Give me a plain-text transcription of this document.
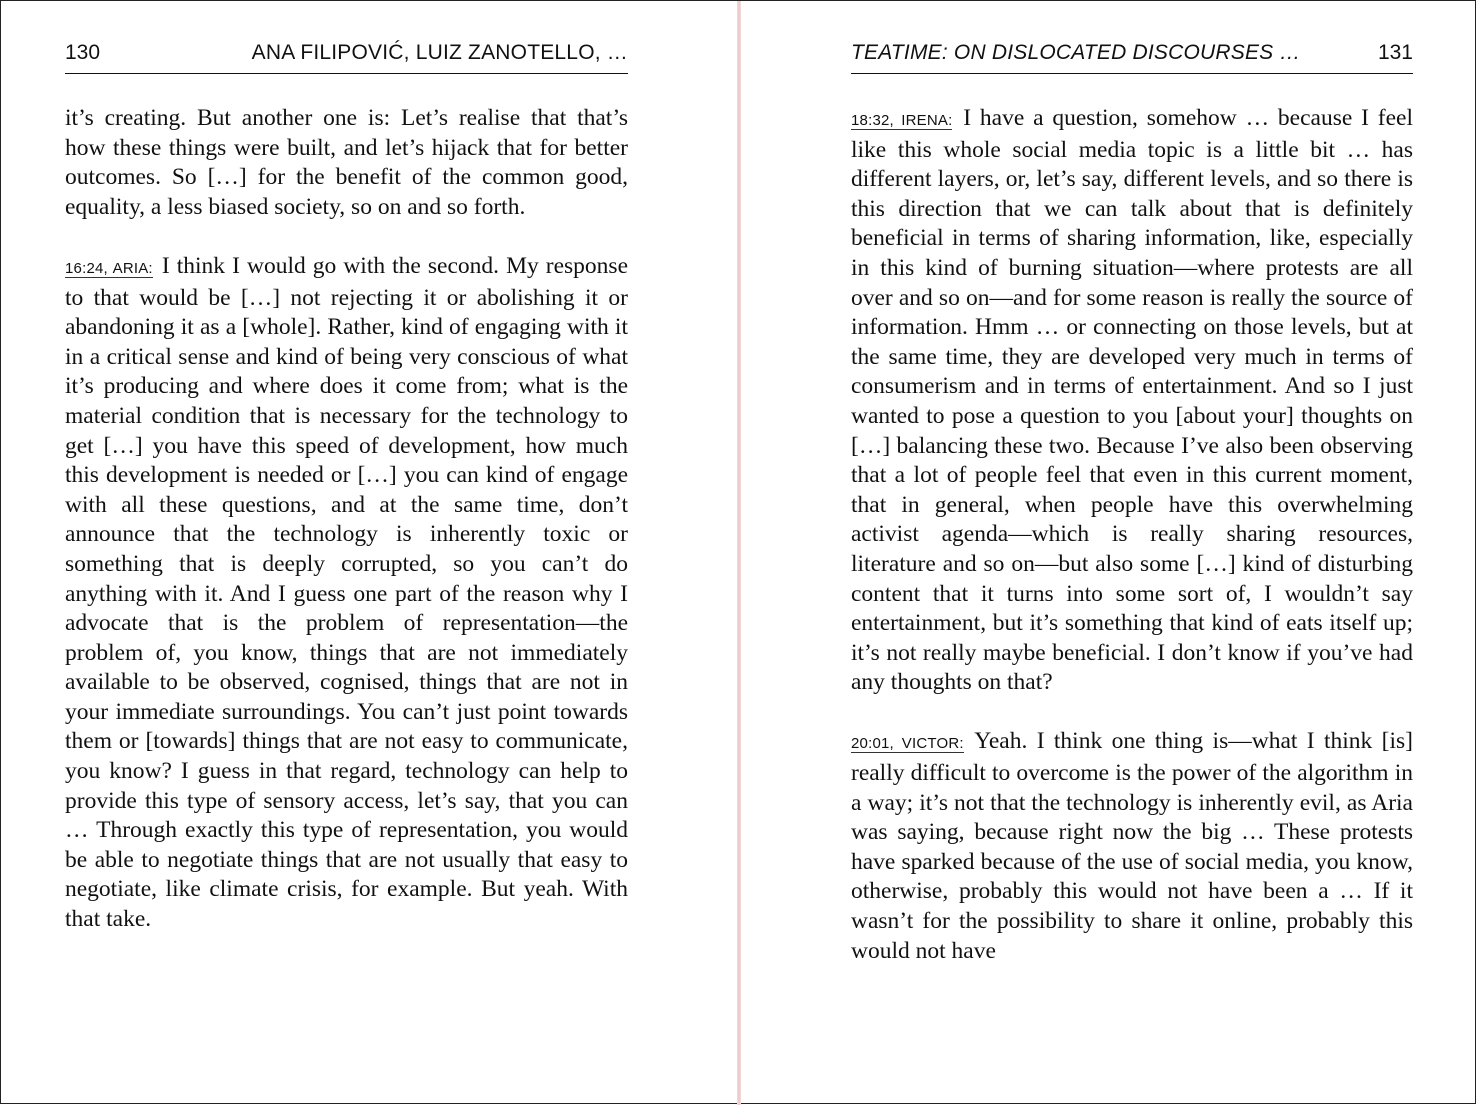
130	ANA FILIPOVIĆ, LUIZ ZANOTELLO, …

it’s creating. But another one is: Let’s realise that that’s how these things were built, and let’s hijack that for better outcomes. So […] for the benefit of the common good, equality, a less biased society, so on and so forth.

16:24, ARIA: I think I would go with the second. My response to that would be […] not rejecting it or abolishing it or abandoning it as a [whole]. Rather, kind of engaging with it in a critical sense and kind of being very conscious of what it’s producing and where does it come from; what is the material condition that is necessary for the technology to get […] you have this speed of development, how much this development is needed or […] you can kind of engage with all these questions, and at the same time, don’t announce that the technology is inherently toxic or something that is deeply corrupted, so you can’t do anything with it. And I guess one part of the reason why I advocate that is the problem of representation—the problem of, you know, things that are not immediately available to be observed, cognised, things that are not in your immediate surroundings. You can’t just point towards them or [towards] things that are not easy to communicate, you know? I guess in that regard, technology can help to provide this type of sensory access, let’s say, that you can … Through exactly this type of representation, you would be able to negotiate things that are not usually that easy to negotiate, like climate crisis, for example. But yeah. With that take.

TEATIME: ON DISLOCATED DISCOURSES …	131

18:32, IRENA: I have a question, somehow … because I feel like this whole social media topic is a little bit … has different layers, or, let’s say, different levels, and so there is this direction that we can talk about that is definitely beneficial in terms of sharing information, like, especially in this kind of burning situation—where protests are all over and so on—and for some reason is really the source of information. Hmm … or connecting on those levels, but at the same time, they are developed very much in terms of consumerism and in terms of entertainment. And so I just wanted to pose a question to you [about your] thoughts on […] balancing these two. Because I’ve also been observing that a lot of people feel that even in this current moment, that in general, when people have this overwhelming activist agenda—which is really sharing resources, literature and so on—but also some […] kind of disturbing content that it turns into some sort of, I wouldn’t say entertainment, but it’s something that kind of eats itself up; it’s not really maybe beneficial. I don’t know if you’ve had any thoughts on that?

20:01, VICTOR: Yeah. I think one thing is—what I think [is] really difficult to overcome is the power of the algorithm in a way; it’s not that the technology is inherently evil, as Aria was saying, because right now the big … These protests have sparked because of the use of social media, you know, otherwise, probably this would not have been a … If it wasn’t for the possibility to share it online, probably this would not have
